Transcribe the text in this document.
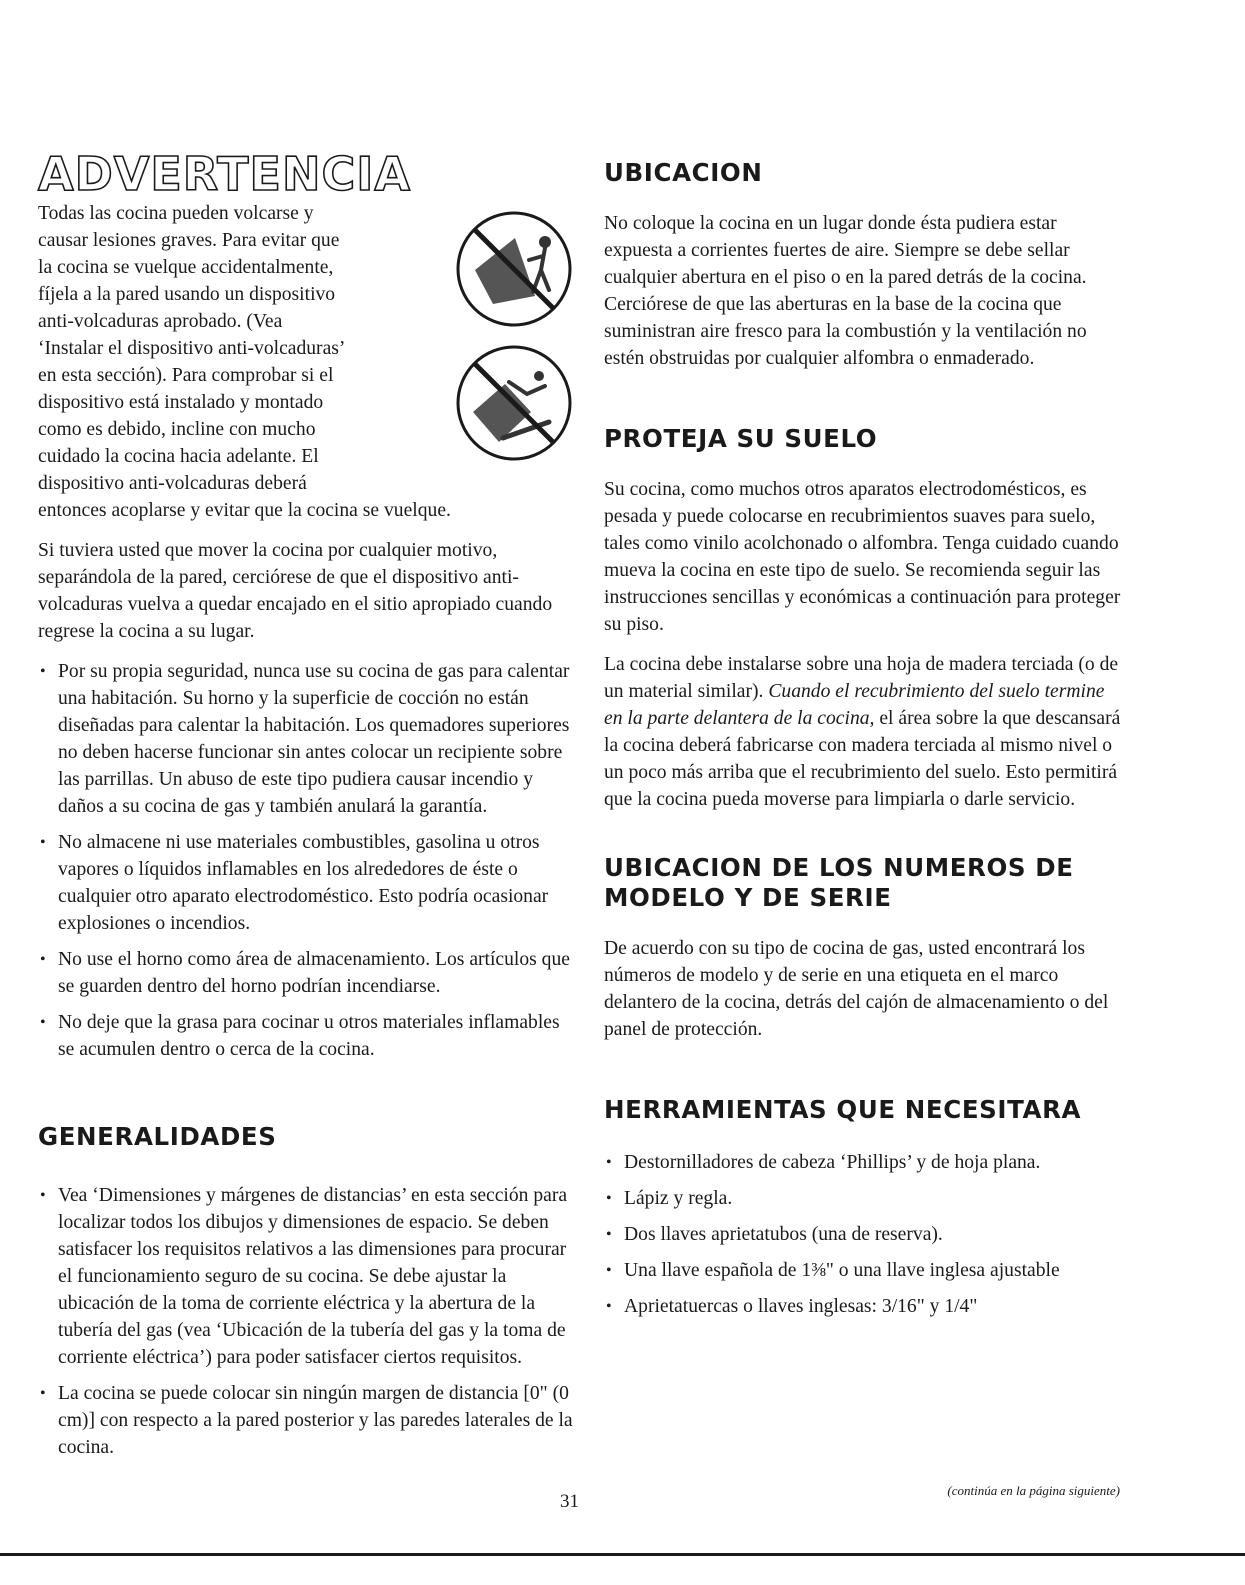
ADVERTENCIA

Todas las cocina pueden volcarse y

causar lesiones graves. Para evitar que

la cocina se vuelque accidentalmente,

fíjela a la pared usando un dispositivo

anti-volcaduras aprobado. (Vea

‘Instalar el dispositivo anti-volcaduras’

en esta sección). Para comprobar si el

dispositivo está instalado y montado

como es debido, incline con mucho

cuidado la cocina hacia adelante. El

dispositivo anti-volcaduras deberá

entonces acoplarse y evitar que la cocina se vuelque.

Si tuviera usted que mover la cocina por cualquier motivo, separándola de la pared, cerciórese de que el dispositivo anti-volcaduras vuelva a quedar encajado en el sitio apropiado cuando regrese la cocina a su lugar.

• Por su propia seguridad, nunca use su cocina de gas para calentar una habitación. Su horno y la superficie de cocción no están diseñadas para calentar la habitación. Los quemadores superiores no deben hacerse funcionar sin antes colocar un recipiente sobre las parrillas. Un abuso de este tipo pudiera causar incendio y daños a su cocina de gas y también anulará la garantía.
• No almacene ni use materiales combustibles, gasolina u otros vapores o líquidos inflamables en los alrededores de éste o cualquier otro aparato electrodoméstico. Esto podría ocasionar explosiones o incendios.
• No use el horno como área de almacenamiento. Los artículos que se guarden dentro del horno podrían incendiarse.
• No deje que la grasa para cocinar u otros materiales inflamables se acumulen dentro o cerca de la cocina.
GENERALIDADES
• Vea ‘Dimensiones y márgenes de distancias’ en esta sección para localizar todos los dibujos y dimensiones de espacio. Se deben satisfacer los requisitos relativos a las dimensiones para procurar el funcionamiento seguro de su cocina. Se debe ajustar la ubicación de la toma de corriente eléctrica y la abertura de la tubería del gas (vea ‘Ubicación de la tubería del gas y la toma de corriente eléctrica’) para poder satisfacer ciertos requisitos.
• La cocina se puede colocar sin ningún margen de distancia [0" (0 cm)] con respecto a la pared posterior y las paredes laterales de la cocina.
UBICACION

No coloque la cocina en un lugar donde ésta pudiera estar expuesta a corrientes fuertes de aire. Siempre se debe sellar cualquier abertura en el piso o en la pared detrás de la cocina. Cerciórese de que las aberturas en la base de la cocina que suministran aire fresco para la combustión y la ventilación no estén obstruidas por cualquier alfombra o enmaderado.

PROTEJA SU SUELO

Su cocina, como muchos otros aparatos electrodomésticos, es pesada y puede colocarse en recubrimientos suaves para suelo, tales como vinilo acolchonado o alfombra. Tenga cuidado cuando mueva la cocina en este tipo de suelo. Se recomienda seguir las instrucciones sencillas y económicas a continuación para proteger su piso.

La cocina debe instalarse sobre una hoja de madera terciada (o de un material similar). Cuando el recubrimiento del suelo termine en la parte delantera de la cocina, el área sobre la que descansará la cocina deberá fabricarse con madera terciada al mismo nivel o un poco más arriba que el recubrimiento del suelo. Esto permitirá que la cocina pueda moverse para limpiarla o darle servicio.

UBICACION DE LOS NUMEROS DE MODELO Y DE SERIE

De acuerdo con su tipo de cocina de gas, usted encontrará los números de modelo y de serie en una etiqueta en el marco delantero de la cocina, detrás del cajón de almacenamiento o del panel de protección.

HERRAMIENTAS QUE NECESITARA
• Destornilladores de cabeza ‘Phillips’ y de hoja plana.
• Lápiz y regla.
• Dos llaves aprietatubos (una de reserva).
• Una llave española de 1⅜" o una llave inglesa ajustable
• Aprietatuercas o llaves inglesas: 3/16" y 1/4"
31
(continúa en la página siguiente)
